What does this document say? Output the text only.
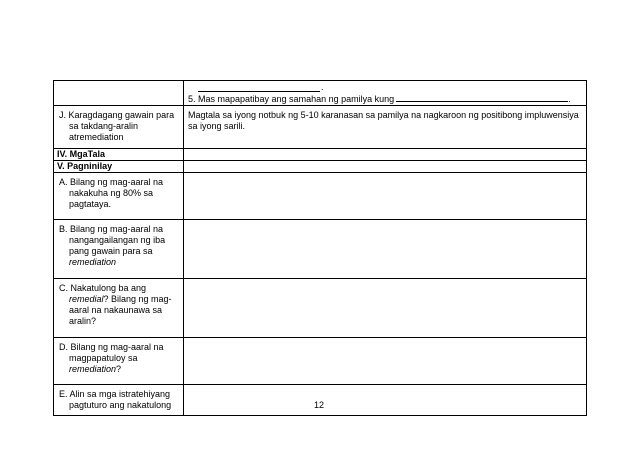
	.
5. Mas mapapatibay ang samahan ng pamilya kung .

J. Karagdagang gawain para
sa takdang-aralin
atremediation	Magtala sa iyong notbuk ng 5-10 karanasan sa pamilya na nagkaroon ng positibong impluwensiya sa iyong sarili.
IV. MgaTala	
V. Pagninilay	

A. Bilang ng mag-aaral na
nakakuha ng 80% sa
pagtataya.	

B. Bilang ng mag-aaral na
nangangailangan ng iba
pang gawain para sa
remediation	

C. Nakatulong ba ang
remedial? Bilang ng mag-
aaral na nakaunawa sa
aralin?	

D. Bilang ng mag-aaral na
magpapatuloy sa
remediation?	

E. Alin sa mga istratehiyang
pagtuturo ang nakatulong	
		12
